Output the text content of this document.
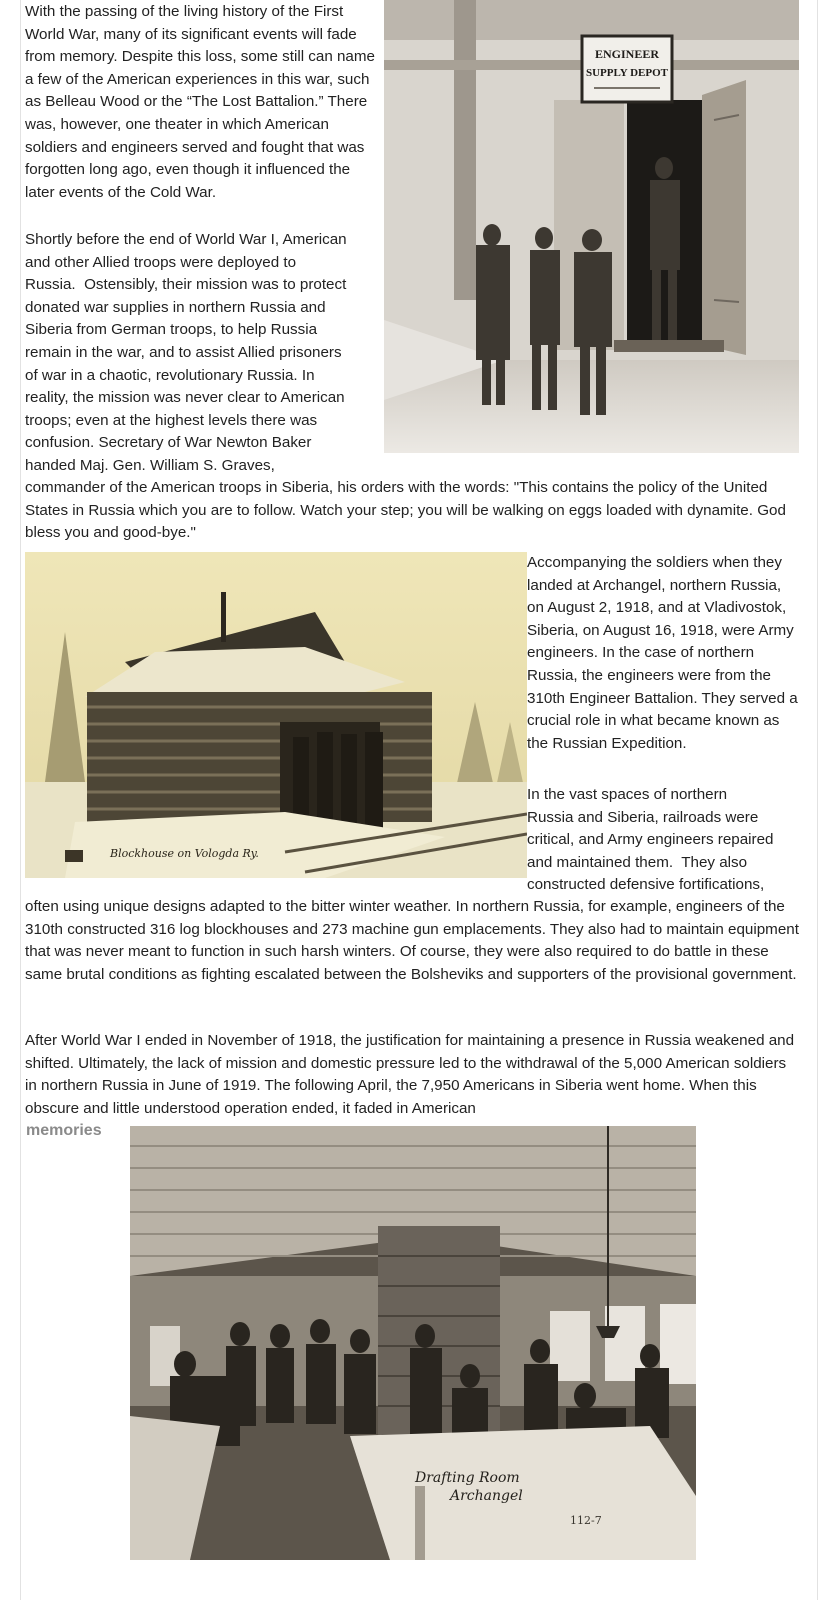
With the passing of the living history of the First World War, many of its significant events will fade from memory. Despite this loss, some still can name a few of the American experiences in this war, such as Belleau Wood or the “The Lost Battalion.” There was, however, one theater in which American soldiers and engineers served and fought that was forgotten long ago, even though it influenced the later events of the Cold War.

Shortly before the end of World War I, American
and other Allied troops were deployed to
Russia.  Ostensibly, their mission was to protect
donated war supplies in northern Russia and
Siberia from German troops, to help Russia
remain in the war, and to assist Allied prisoners
of war in a chaotic, revolutionary Russia. In
reality, the mission was never clear to American
troops; even at the highest levels there was
confusion. Secretary of War Newton Baker
handed Maj. Gen. William S. Graves,

commander of the American troops in Siberia, his orders with the words: "This contains the policy of the United States in Russia which you are to follow. Watch your step; you will be walking on eggs loaded with dynamite. God bless you and good-bye."

ENGINEER
SUPPLY DEPOT
Blockhouse on Vologda Ry.

Accompanying the soldiers when they landed at Archangel, northern Russia, on August 2, 1918, and at Vladivostok, Siberia, on August 16, 1918, were Army engineers. In the case of northern Russia, the engineers were from the 310th Engineer Battalion. They served a crucial role in what became known as the Russian Expedition.

In the vast spaces of northern
Russia and Siberia, railroads were
critical, and Army engineers repaired
and maintained them.  They also
constructed defensive fortifications,

often using unique designs adapted to the bitter winter weather. In northern Russia, for example, engineers of the 310th constructed 316 log blockhouses and 273 machine gun emplacements. They also had to maintain equipment that was never meant to function in such harsh winters. Of course, they were also required to do battle in these same brutal conditions as fighting escalated between the Bolsheviks and supporters of the provisional government.

After World War I ended in November of 1918, the justification for maintaining a presence in Russia weakened and shifted. Ultimately, the lack of mission and domestic pressure led to the withdrawal of the 5,000 American soldiers in northern Russia in June of 1919. The following April, the 7,950 Americans in Siberia went home. When this obscure and little understood operation ended, it faded in American

memories
Drafting Room
Archangel
112-7
